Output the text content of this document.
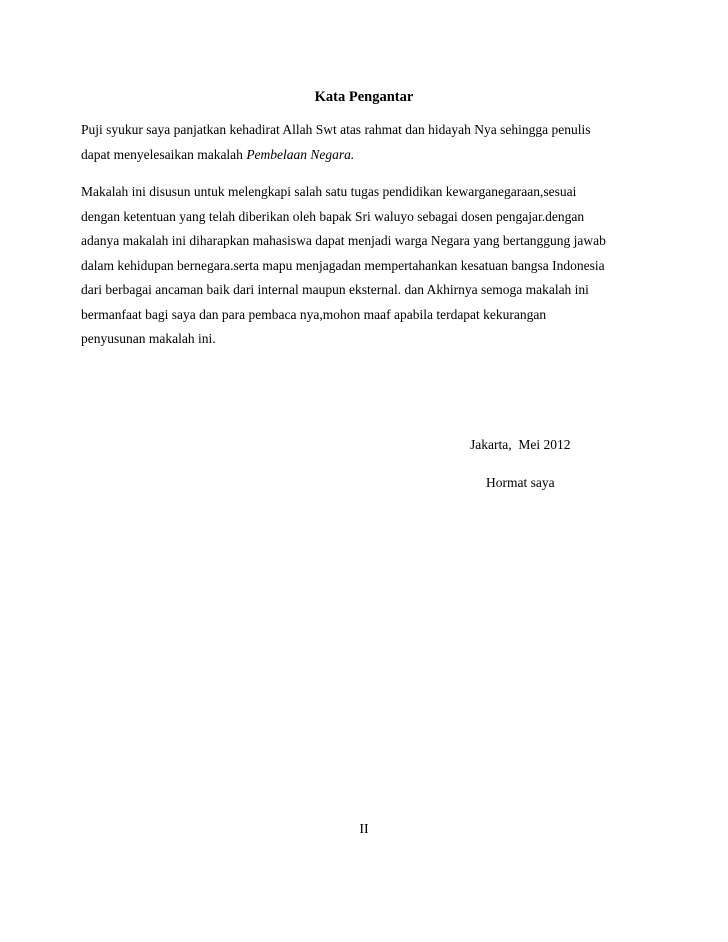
Kata Pengantar

Puji syukur saya panjatkan kehadirat Allah Swt atas rahmat dan hidayah Nya sehingga penulis
dapat menyelesaikan makalah Pembelaan Negara.

Makalah ini disusun untuk melengkapi salah satu tugas pendidikan kewarganegaraan,sesuai
dengan ketentuan yang telah diberikan oleh bapak Sri waluyo sebagai dosen pengajar.dengan
adanya makalah ini diharapkan mahasiswa dapat menjadi warga Negara yang bertanggung jawab
dalam kehidupan bernegara.serta mapu menjagadan mempertahankan kesatuan bangsa Indonesia
dari berbagai ancaman baik dari internal maupun eksternal. dan Akhirnya semoga makalah ini
bermanfaat bagi saya dan para pembaca nya,mohon maaf apabila terdapat kekurangan
penyusunan makalah ini.

Jakarta,  Mei 2012
Hormat saya
II
